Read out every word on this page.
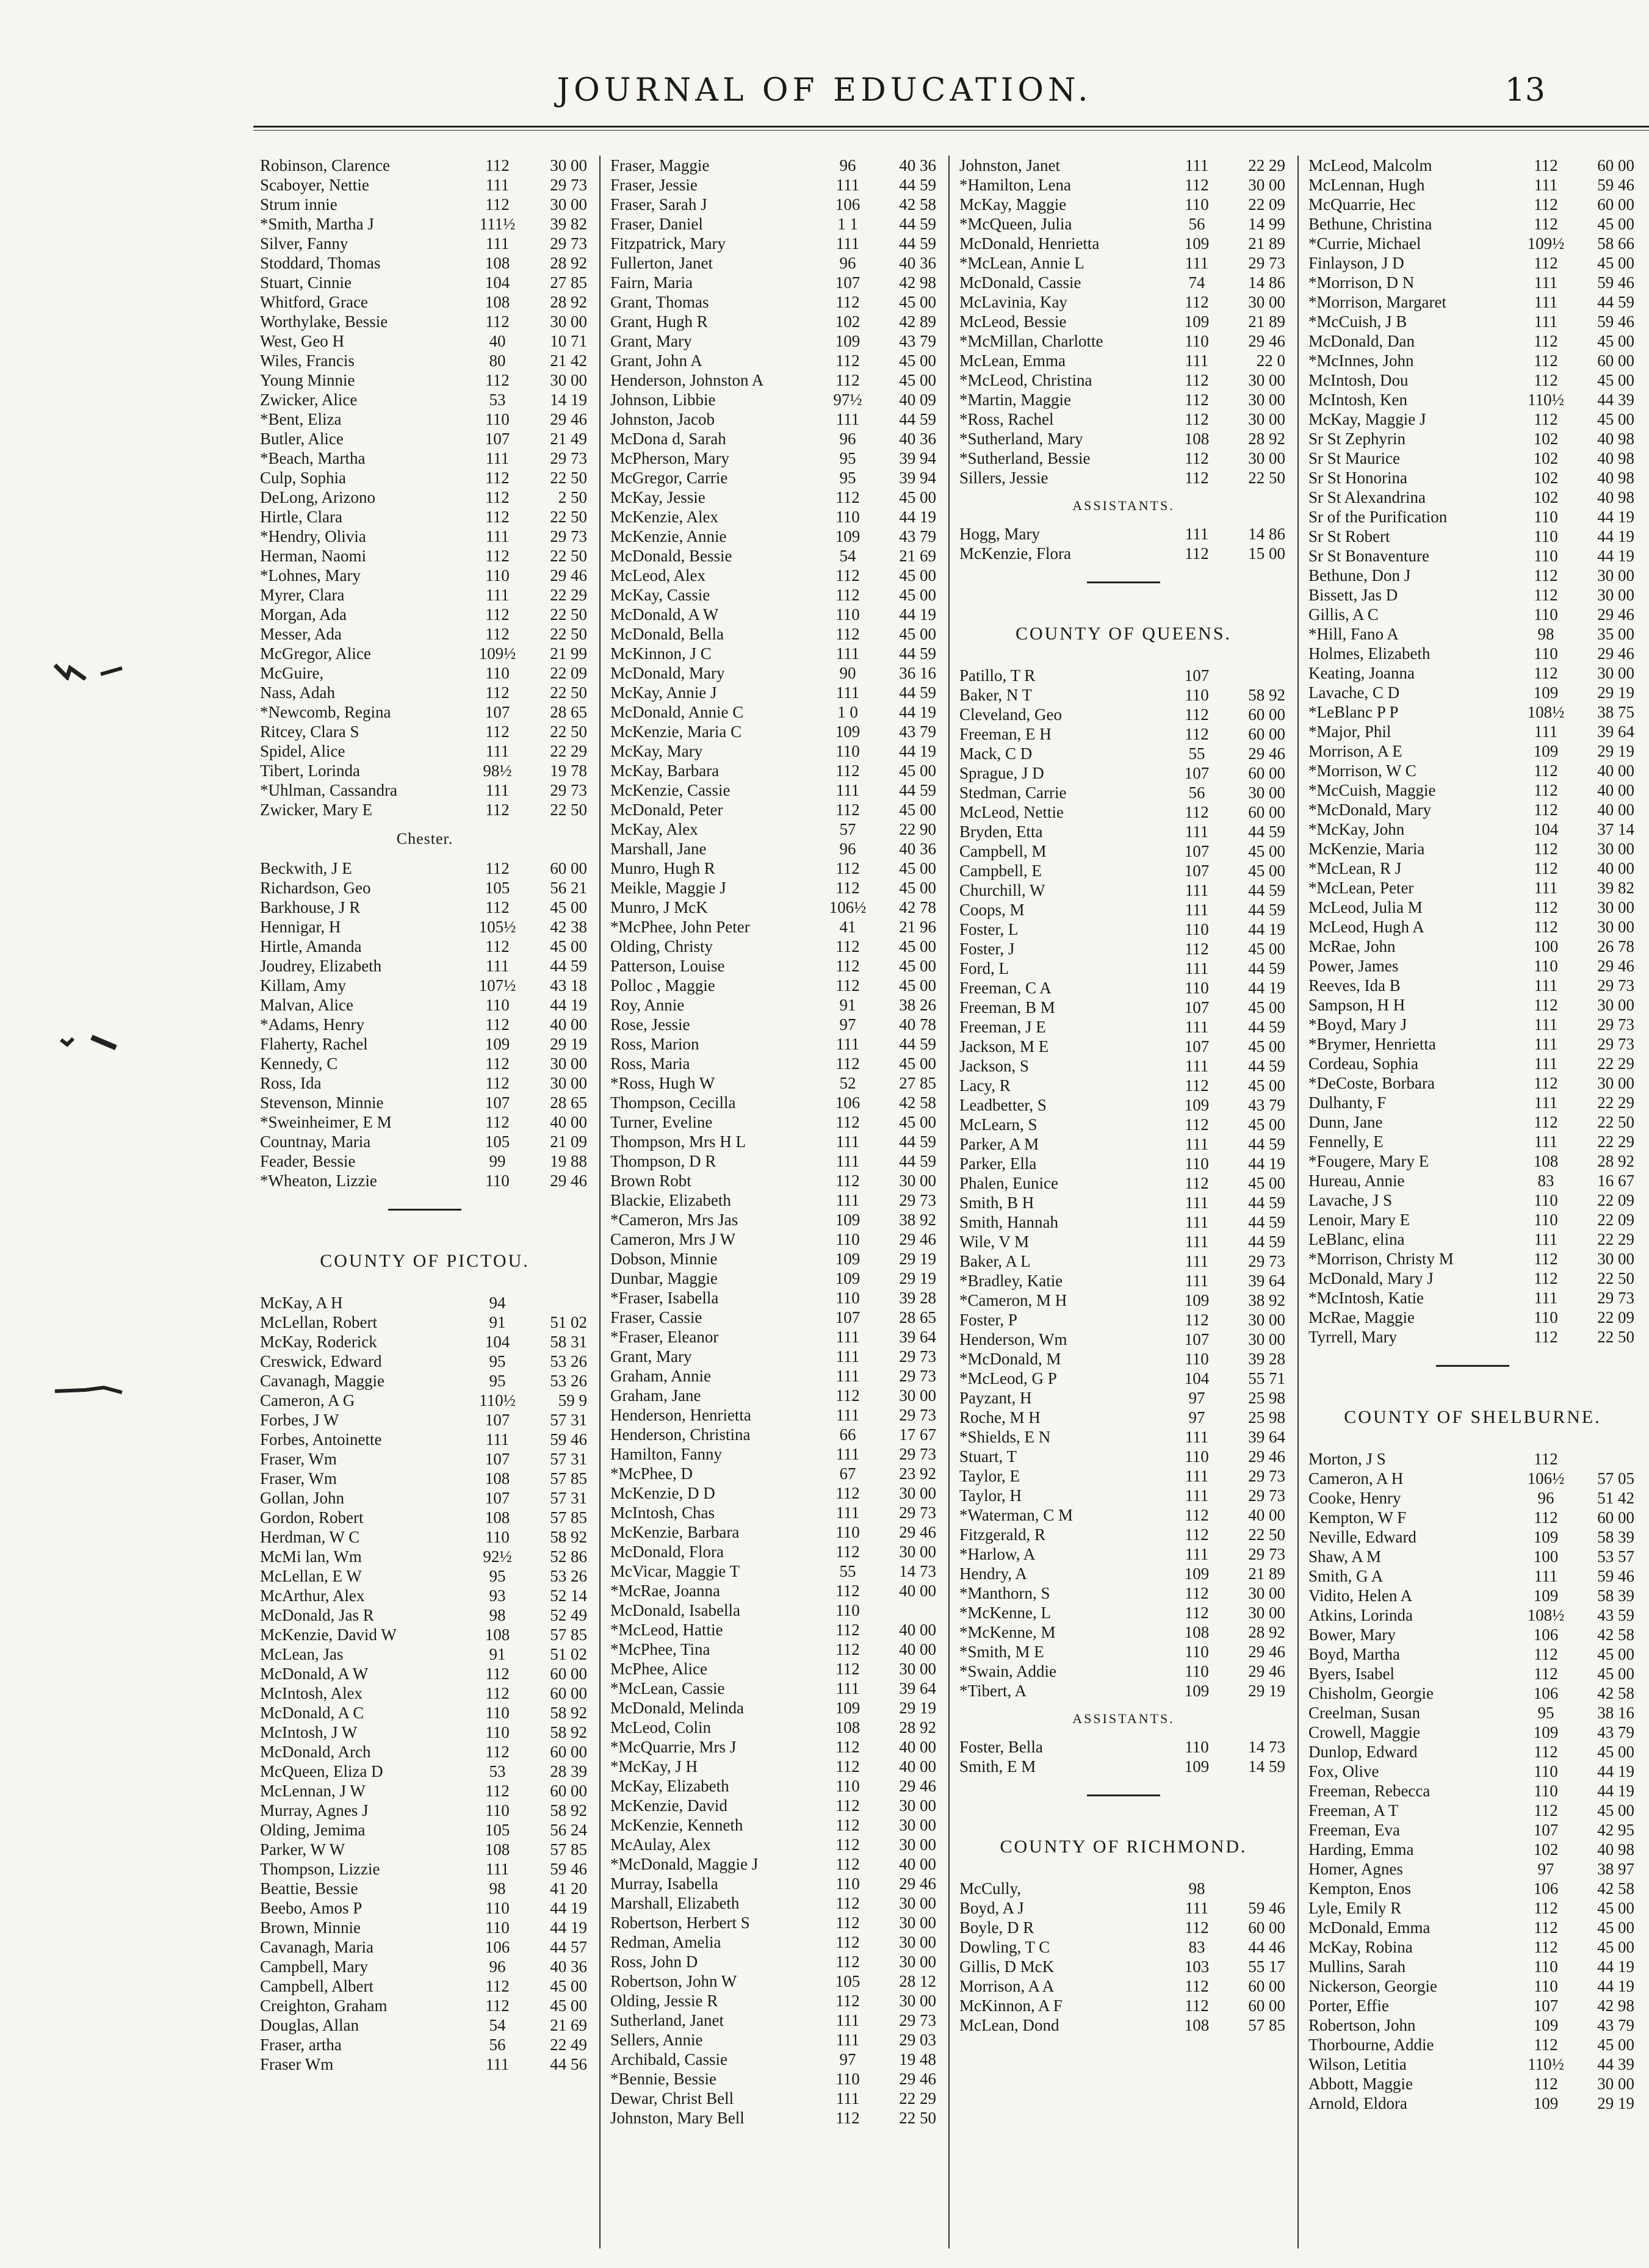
JOURNAL OF EDUCATION.	13
Robinson, Clarence	112	30 00
Scaboyer, Nettie	111	29 73
Strum innie	112	30 00
*Smith, Martha J	111½	39 82
Silver, Fanny	111	29 73
Stoddard, Thomas	108	28 92
Stuart, Cinnie	104	27 85
Whitford, Grace	108	28 92
Worthylake, Bessie	112	30 00
West, Geo H	40	10 71
Wiles, Francis	80	21 42
Young Minnie	112	30 00
Zwicker, Alice	53	14 19
*Bent, Eliza	110	29 46
Butler, Alice	107	21 49
*Beach, Martha	111	29 73
Culp, Sophia	112	22 50
DeLong, Arizono	112	2 50
Hirtle, Clara	112	22 50
*Hendry, Olivia	111	29 73
Herman, Naomi	112	22 50
*Lohnes, Mary	110	29 46
Myrer, Clara	111	22 29
Morgan, Ada	112	22 50
Messer, Ada	112	22 50
McGregor, Alice	109½	21 99
McGuire,	110	22 09
Nass, Adah	112	22 50
*Newcomb, Regina	107	28 65
Ritcey, Clara S	112	22 50
Spidel, Alice	111	22 29
Tibert, Lorinda	98½	19 78
*Uhlman, Cassandra	111	29 73
Zwicker, Mary E	112	22 50
Chester.
Beckwith, J E	112	60 00
Richardson, Geo	105	56 21
Barkhouse, J R	112	45 00
Hennigar, H	105½	42 38
Hirtle, Amanda	112	45 00
Joudrey, Elizabeth	111	44 59
Killam, Amy	107½	43 18
Malvan, Alice	110	44 19
*Adams, Henry	112	40 00
Flaherty, Rachel	109	29 19
Kennedy, C	112	30 00
Ross, Ida	112	30 00
Stevenson, Minnie	107	28 65
*Sweinheimer, E M	112	40 00
Countnay, Maria	105	21 09
Feader, Bessie	99	19 88
*Wheaton, Lizzie	110	29 46
COUNTY OF PICTOU.
McKay, A H	94
McLellan, Robert	91	51 02
McKay, Roderick	104	58 31
Creswick, Edward	95	53 26
Cavanagh, Maggie	95	53 26
Cameron, A G	110½	59 9
Forbes, J W	107	57 31
Forbes, Antoinette	111	59 46
Fraser, Wm	107	57 31
Fraser, Wm	108	57 85
Gollan, John	107	57 31
Gordon, Robert	108	57 85
Herdman, W C	110	58 92
McMi lan, Wm	92½	52 86
McLellan, E W	95	53 26
McArthur, Alex	93	52 14
McDonald, Jas R	98	52 49
McKenzie, David W	108	57 85
McLean, Jas	91	51 02
McDonald, A W	112	60 00
McIntosh, Alex	112	60 00
McDonald, A C	110	58 92
McIntosh, J W	110	58 92
McDonald, Arch	112	60 00
McQueen, Eliza D	53	28 39
McLennan, J W	112	60 00
Murray, Agnes J	110	58 92
Olding, Jemima	105	56 24
Parker, W W	108	57 85
Thompson, Lizzie	111	59 46
Beattie, Bessie	98	41 20
Beebo, Amos P	110	44 19
Brown, Minnie	110	44 19
Cavanagh, Maria	106	44 57
Campbell, Mary	96	40 36
Campbell, Albert	112	45 00
Creighton, Graham	112	45 00
Douglas, Allan	54	21 69
Fraser, artha	56	22 49
Fraser Wm	111	44 56
Fraser, Maggie	96	40 36
Fraser, Jessie	111	44 59
Fraser, Sarah J	106	42 58
Fraser, Daniel	1 1	44 59
Fitzpatrick, Mary	111	44 59
Fullerton, Janet	96	40 36
Fairn, Maria	107	42 98
Grant, Thomas	112	45 00
Grant, Hugh R	102	42 89
Grant, Mary	109	43 79
Grant, John A	112	45 00
Henderson, Johnston A	112	45 00
Johnson, Libbie	97½	40 09
Johnston, Jacob	111	44 59
McDona d, Sarah	96	40 36
McPherson, Mary	95	39 94
McGregor, Carrie	95	39 94
McKay, Jessie	112	45 00
McKenzie, Alex	110	44 19
McKenzie, Annie	109	43 79
McDonald, Bessie	54	21 69
McLeod, Alex	112	45 00
McKay, Cassie	112	45 00
McDonald, A W	110	44 19
McDonald, Bella	112	45 00
McKinnon, J C	111	44 59
McDonald, Mary	90	36 16
McKay, Annie J	111	44 59
McDonald, Annie C	1 0	44 19
McKenzie, Maria C	109	43 79
McKay, Mary	110	44 19
McKay, Barbara	112	45 00
McKenzie, Cassie	111	44 59
McDonald, Peter	112	45 00
McKay, Alex	57	22 90
Marshall, Jane	96	40 36
Munro, Hugh R	112	45 00
Meikle, Maggie J	112	45 00
Munro, J McK	106½	42 78
*McPhee, John Peter	41	21 96
Olding, Christy	112	45 00
Patterson, Louise	112	45 00
Polloc , Maggie	112	45 00
Roy, Annie	91	38 26
Rose, Jessie	97	40 78
Ross, Marion	111	44 59
Ross, Maria	112	45 00
*Ross, Hugh W	52	27 85
Thompson, Cecilla	106	42 58
Turner, Eveline	112	45 00
Thompson, Mrs H L	111	44 59
Thompson, D R	111	44 59
Brown Robt	112	30 00
Blackie, Elizabeth	111	29 73
*Cameron, Mrs Jas	109	38 92
Cameron, Mrs J W	110	29 46
Dobson, Minnie	109	29 19
Dunbar, Maggie	109	29 19
*Fraser, Isabella	110	39 28
Fraser, Cassie	107	28 65
*Fraser, Eleanor	111	39 64
Grant, Mary	111	29 73
Graham, Annie	111	29 73
Graham, Jane	112	30 00
Henderson, Henrietta	111	29 73
Henderson, Christina	66	17 67
Hamilton, Fanny	111	29 73
*McPhee, D	67	23 92
McKenzie, D D	112	30 00
McIntosh, Chas	111	29 73
McKenzie, Barbara	110	29 46
McDonald, Flora	112	30 00
McVicar, Maggie T	55	14 73
*McRae, Joanna	112	40 00
McDonald, Isabella	110
*McLeod, Hattie	112	40 00
*McPhee, Tina	112	40 00
McPhee, Alice	112	30 00
*McLean, Cassie	111	39 64
McDonald, Melinda	109	29 19
McLeod, Colin	108	28 92
*McQuarrie, Mrs J	112	40 00
*McKay, J H	112	40 00
McKay, Elizabeth	110	29 46
McKenzie, David	112	30 00
McKenzie, Kenneth	112	30 00
McAulay, Alex	112	30 00
*McDonald, Maggie J	112	40 00
Murray, Isabella	110	29 46
Marshall, Elizabeth	112	30 00
Robertson, Herbert S	112	30 00
Redman, Amelia	112	30 00
Ross, John D	112	30 00
Robertson, John W	105	28 12
Olding, Jessie R	112	30 00
Sutherland, Janet	111	29 73
Sellers, Annie	111	29 03
Archibald, Cassie	97	19 48
*Bennie, Bessie	110	29 46
Dewar, Christ Bell	111	22 29
Johnston, Mary Bell	112	22 50
Johnston, Janet	111	22 29
*Hamilton, Lena	112	30 00
McKay, Maggie	110	22 09
*McQueen, Julia	56	14 99
McDonald, Henrietta	109	21 89
*McLean, Annie L	111	29 73
McDonald, Cassie	74	14 86
McLavinia, Kay	112	30 00
McLeod, Bessie	109	21 89
*McMillan, Charlotte	110	29 46
McLean, Emma	111	22 0
*McLeod, Christina	112	30 00
*Martin, Maggie	112	30 00
*Ross, Rachel	112	30 00
*Sutherland, Mary	108	28 92
*Sutherland, Bessie	112	30 00
Sillers, Jessie	112	22 50
ASSISTANTS.
Hogg, Mary	111	14 86
McKenzie, Flora	112	15 00
COUNTY OF QUEENS.
Patillo, T R	107
Baker, N T	110	58 92
Cleveland, Geo	112	60 00
Freeman, E H	112	60 00
Mack, C D	55	29 46
Sprague, J D	107	60 00
Stedman, Carrie	56	30 00
McLeod, Nettie	112	60 00
Bryden, Etta	111	44 59
Campbell, M	107	45 00
Campbell, E	107	45 00
Churchill, W	111	44 59
Coops, M	111	44 59
Foster, L	110	44 19
Foster, J	112	45 00
Ford, L	111	44 59
Freeman, C A	110	44 19
Freeman, B M	107	45 00
Freeman, J E	111	44 59
Jackson, M E	107	45 00
Jackson, S	111	44 59
Lacy, R	112	45 00
Leadbetter, S	109	43 79
McLearn, S	112	45 00
Parker, A M	111	44 59
Parker, Ella	110	44 19
Phalen, Eunice	112	45 00
Smith, B H	111	44 59
Smith, Hannah	111	44 59
Wile, V M	111	44 59
Baker, A L	111	29 73
*Bradley, Katie	111	39 64
*Cameron, M H	109	38 92
Foster, P	112	30 00
Henderson, Wm	107	30 00
*McDonald, M	110	39 28
*McLeod, G P	104	55 71
Payzant, H	97	25 98
Roche, M H	97	25 98
*Shields, E N	111	39 64
Stuart, T	110	29 46
Taylor, E	111	29 73
Taylor, H	111	29 73
*Waterman, C M	112	40 00
Fitzgerald, R	112	22 50
*Harlow, A	111	29 73
Hendry, A	109	21 89
*Manthorn, S	112	30 00
*McKenne, L	112	30 00
*McKenne, M	108	28 92
*Smith, M E	110	29 46
*Swain, Addie	110	29 46
*Tibert, A	109	29 19
ASSISTANTS.
Foster, Bella	110	14 73
Smith, E M	109	14 59
COUNTY OF RICHMOND.
McCully,	98
Boyd, A J	111	59 46
Boyle, D R	112	60 00
Dowling, T C	83	44 46
Gillis, D McK	103	55 17
Morrison, A A	112	60 00
McKinnon, A F	112	60 00
McLean, Dond	108	57 85
McLeod, Malcolm	112	60 00
McLennan, Hugh	111	59 46
McQuarrie, Hec	112	60 00
Bethune, Christina	112	45 00
*Currie, Michael	109½	58 66
Finlayson, J D	112	45 00
*Morrison, D N	111	59 46
*Morrison, Margaret	111	44 59
*McCuish, J B	111	59 46
McDonald, Dan	112	45 00
*McInnes, John	112	60 00
McIntosh, Dou	112	45 00
McIntosh, Ken	110½	44 39
McKay, Maggie J	112	45 00
Sr St Zephyrin	102	40 98
Sr St Maurice	102	40 98
Sr St Honorina	102	40 98
Sr St Alexandrina	102	40 98
Sr of the Purification	110	44 19
Sr St Robert	110	44 19
Sr St Bonaventure	110	44 19
Bethune, Don J	112	30 00
Bissett, Jas D	112	30 00
Gillis, A C	110	29 46
*Hill, Fano A	98	35 00
Holmes, Elizabeth	110	29 46
Keating, Joanna	112	30 00
Lavache, C D	109	29 19
*LeBlanc P P	108½	38 75
*Major, Phil	111	39 64
Morrison, A E	109	29 19
*Morrison, W C	112	40 00
*McCuish, Maggie	112	40 00
*McDonald, Mary	112	40 00
*McKay, John	104	37 14
McKenzie, Maria	112	30 00
*McLean, R J	112	40 00
*McLean, Peter	111	39 82
McLeod, Julia M	112	30 00
McLeod, Hugh A	112	30 00
McRae, John	100	26 78
Power, James	110	29 46
Reeves, Ida B	111	29 73
Sampson, H H	112	30 00
*Boyd, Mary J	111	29 73
*Brymer, Henrietta	111	29 73
Cordeau, Sophia	111	22 29
*DeCoste, Borbara	112	30 00
Dulhanty, F	111	22 29
Dunn, Jane	112	22 50
Fennelly, E	111	22 29
*Fougere, Mary E	108	28 92
Hureau, Annie	83	16 67
Lavache, J S	110	22 09
Lenoir, Mary E	110	22 09
LeBlanc, elina	111	22 29
*Morrison, Christy M	112	30 00
McDonald, Mary J	112	22 50
*McIntosh, Katie	111	29 73
McRae, Maggie	110	22 09
Tyrrell, Mary	112	22 50
COUNTY OF SHELBURNE.
Morton, J S	112
Cameron, A H	106½	57 05
Cooke, Henry	96	51 42
Kempton, W F	112	60 00
Neville, Edward	109	58 39
Shaw, A M	100	53 57
Smith, G A	111	59 46
Vidito, Helen A	109	58 39
Atkins, Lorinda	108½	43 59
Bower, Mary	106	42 58
Boyd, Martha	112	45 00
Byers, Isabel	112	45 00
Chisholm, Georgie	106	42 58
Creelman, Susan	95	38 16
Crowell, Maggie	109	43 79
Dunlop, Edward	112	45 00
Fox, Olive	110	44 19
Freeman, Rebecca	110	44 19
Freeman, A T	112	45 00
Freeman, Eva	107	42 95
Harding, Emma	102	40 98
Homer, Agnes	97	38 97
Kempton, Enos	106	42 58
Lyle, Emily R	112	45 00
McDonald, Emma	112	45 00
McKay, Robina	112	45 00
Mullins, Sarah	110	44 19
Nickerson, Georgie	110	44 19
Porter, Effie	107	42 98
Robertson, John	109	43 79
Thorbourne, Addie	112	45 00
Wilson, Letitia	110½	44 39
Abbott, Maggie	112	30 00
Arnold, Eldora	109	29 19
